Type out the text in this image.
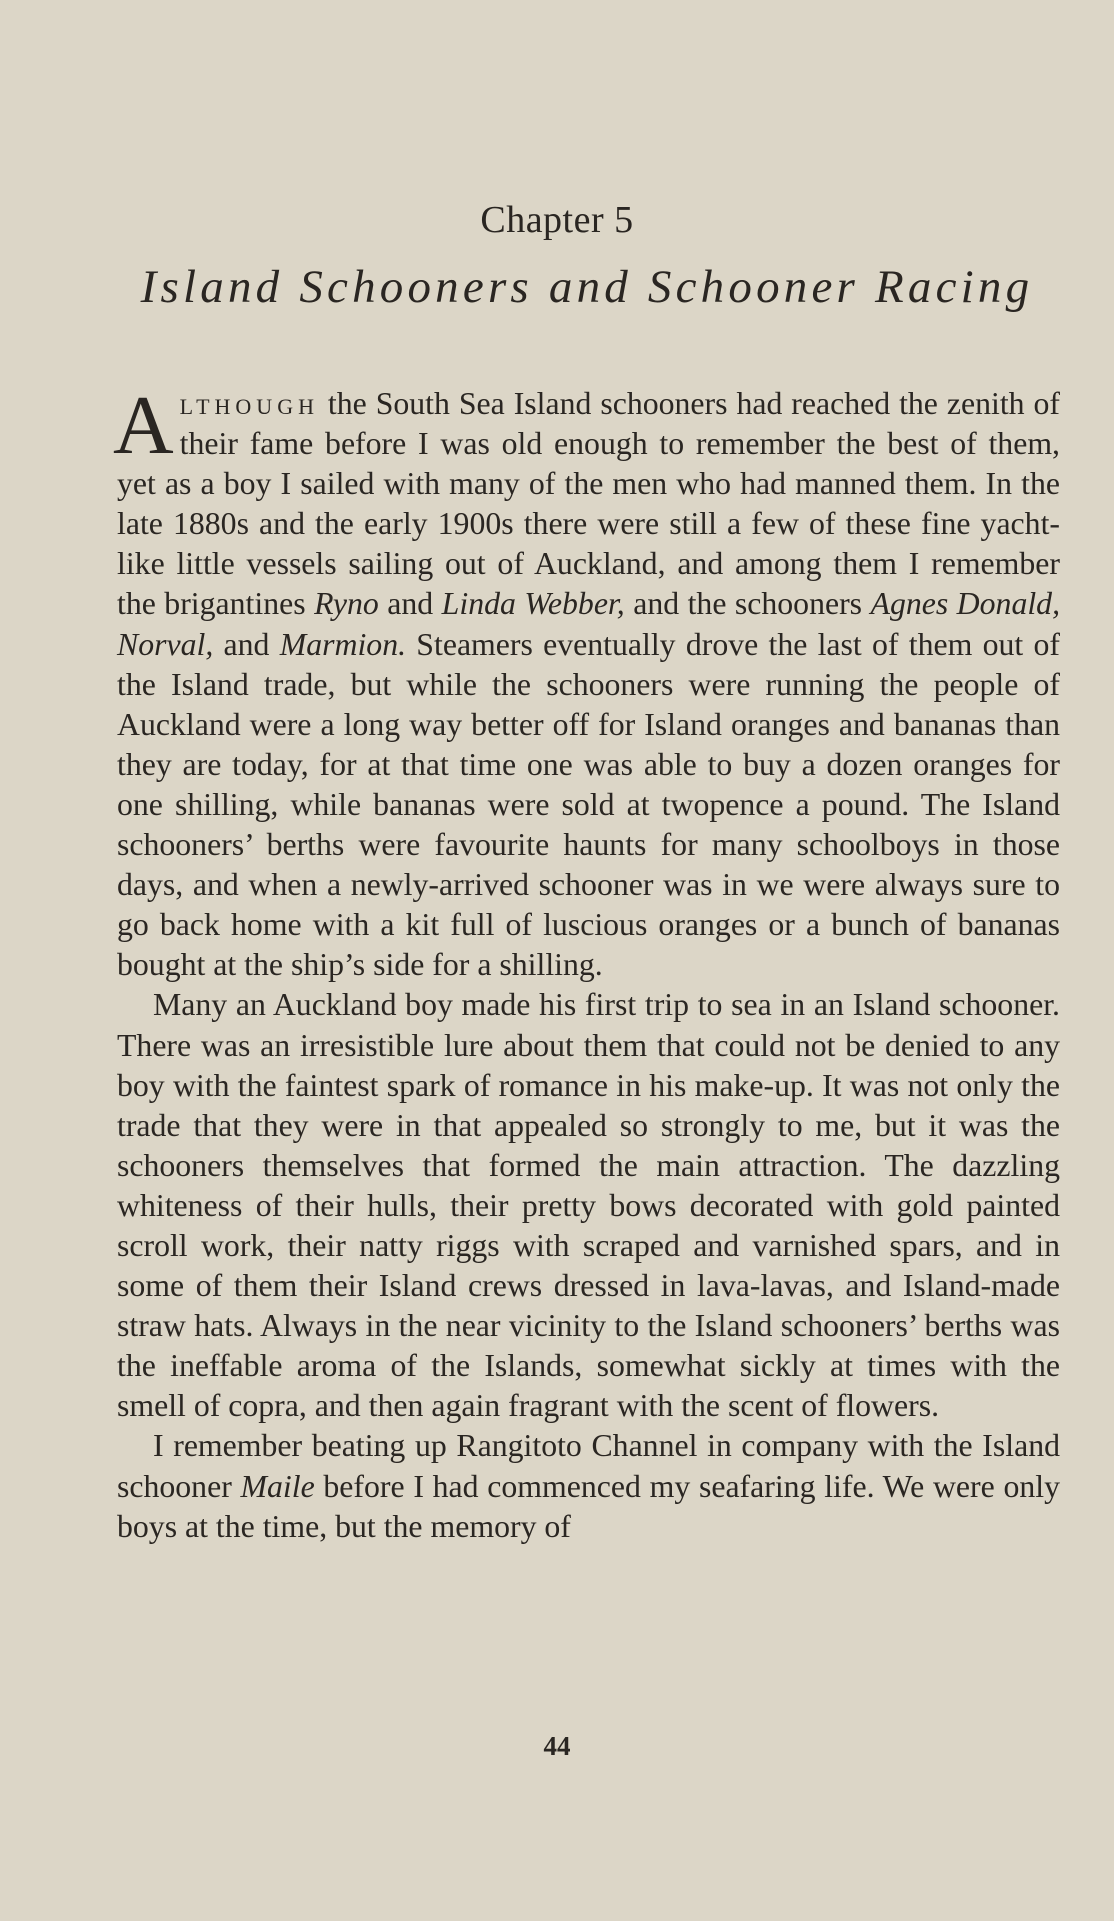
Chapter 5
Island Schooners and Schooner Racing

Although the South Sea Island schooners had reached the zenith of their fame before I was old enough to remember the best of them, yet as a boy I sailed with many of the men who had manned them. In the late 1880s and the early 1900s there were still a few of these fine yacht-like little vessels sailing out of Auckland, and among them I remember the brigantines Ryno and Linda Webber, and the schooners Agnes Donald, Norval, and Marmion. Steamers eventually drove the last of them out of the Island trade, but while the schooners were running the people of Auckland were a long way better off for Island oranges and bananas than they are today, for at that time one was able to buy a dozen oranges for one shilling, while bananas were sold at twopence a pound. The Island schooners’ berths were favourite haunts for many schoolboys in those days, and when a newly-arrived schooner was in we were always sure to go back home with a kit full of luscious oranges or a bunch of bananas bought at the ship’s side for a shilling.

Many an Auckland boy made his first trip to sea in an Island schooner. There was an irresistible lure about them that could not be denied to any boy with the faintest spark of romance in his make-up. It was not only the trade that they were in that appealed so strongly to me, but it was the schooners themselves that formed the main attraction. The dazzling whiteness of their hulls, their pretty bows decorated with gold painted scroll work, their natty riggs with scraped and varnished spars, and in some of them their Island crews dressed in lava-lavas, and Island-made straw hats. Always in the near vicinity to the Island schooners’ berths was the ineffable aroma of the Islands, somewhat sickly at times with the smell of copra, and then again fragrant with the scent of flowers.

I remember beating up Rangitoto Channel in company with the Island schooner Maile before I had commenced my seafaring life. We were only boys at the time, but the memory of

44
